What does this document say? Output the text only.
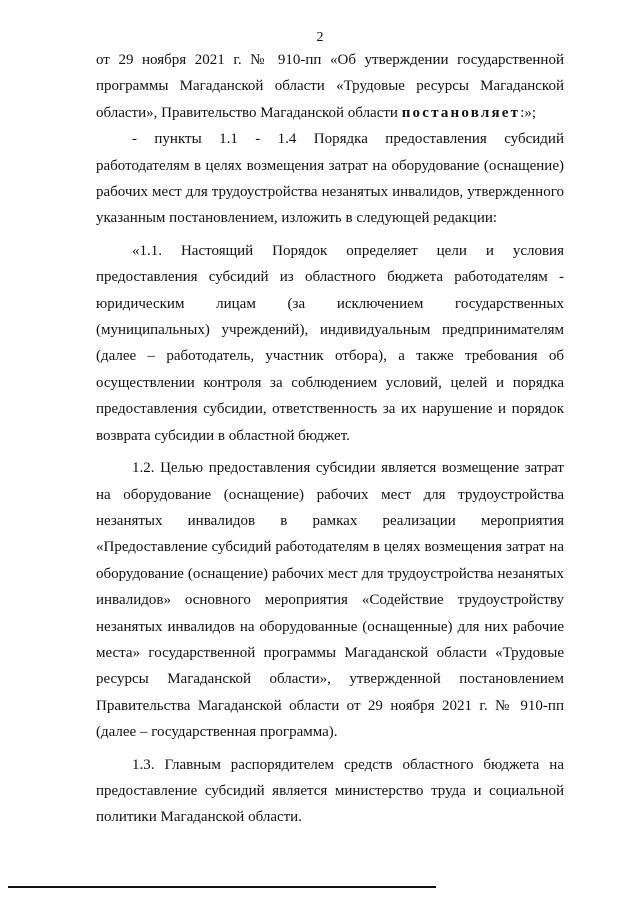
2

от 29 ноября 2021 г. № 910-пп «Об утверждении государственной программы Магаданской области «Трудовые ресурсы Магаданской области», Правительство Магаданской области постановляет:»;

- пункты 1.1 - 1.4 Порядка предоставления субсидий работодателям в целях возмещения затрат на оборудование (оснащение) рабочих мест для трудоустройства незанятых инвалидов, утвержденного указанным постановлением, изложить в следующей редакции:

«1.1. Настоящий Порядок определяет цели и условия предоставления субсидий из областного бюджета работодателям - юридическим лицам (за исключением государственных (муниципальных) учреждений), индивидуальным предпринимателям (далее – работодатель, участник отбора), а также требования об осуществлении контроля за соблюдением условий, целей и порядка предоставления субсидии, ответственность за их нарушение и порядок возврата субсидии в областной бюджет.

1.2. Целью предоставления субсидии является возмещение затрат на оборудование (оснащение) рабочих мест для трудоустройства незанятых инвалидов в рамках реализации мероприятия «Предоставление субсидий работодателям в целях возмещения затрат на оборудование (оснащение) рабочих мест для трудоустройства незанятых инвалидов» основного мероприятия «Содействие трудоустройству незанятых инвалидов на оборудованные (оснащенные) для них рабочие места» государственной программы Магаданской области «Трудовые ресурсы Магаданской области», утвержденной постановлением Правительства Магаданской области от 29 ноября 2021 г. № 910-пп (далее – государственная программа).

1.3. Главным распорядителем средств областного бюджета на предоставление субсидий является министерство труда и социальной политики Магаданской области.
